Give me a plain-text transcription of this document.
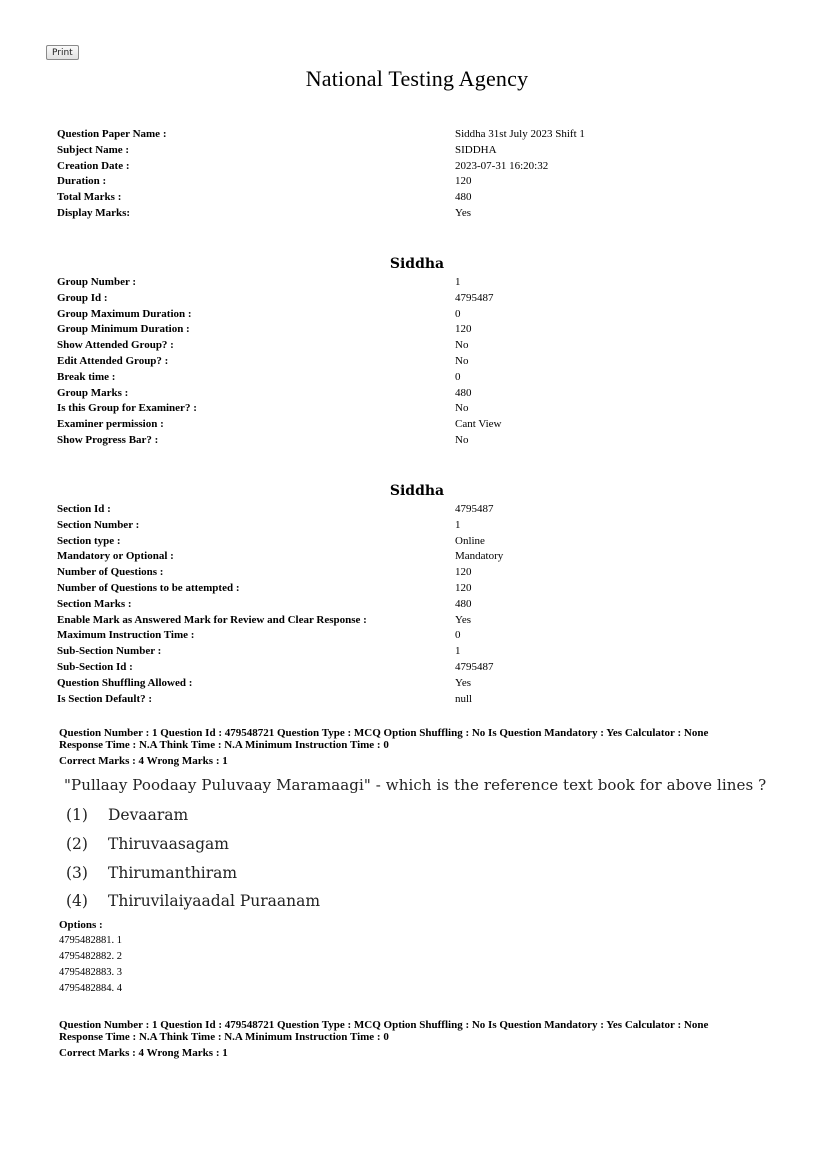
Print
National Testing Agency
Question Paper Name :	Siddha 31st July 2023 Shift 1
Subject Name :	SIDDHA
Creation Date :	2023-07-31 16:20:32
Duration :	120
Total Marks :	480
Display Marks:	Yes
Siddha
Group Number :	1
Group Id :	4795487
Group Maximum Duration :	0
Group Minimum Duration :	120
Show Attended Group? :	No
Edit Attended Group? :	No
Break time :	0
Group Marks :	480
Is this Group for Examiner? :	No
Examiner permission :	Cant View
Show Progress Bar? :	No
Siddha
Section Id :	4795487
Section Number :	1
Section type :	Online
Mandatory or Optional :	Mandatory
Number of Questions :	120
Number of Questions to be attempted :	120
Section Marks :	480
Enable Mark as Answered Mark for Review and Clear Response :	Yes
Maximum Instruction Time :	0
Sub-Section Number :	1
Sub-Section Id :	4795487
Question Shuffling Allowed :	Yes
Is Section Default? :	null
Question Number : 1 Question Id : 479548721 Question Type : MCQ Option Shuffling : No Is Question Mandatory : Yes Calculator : None
Response Time : N.A Think Time : N.A Minimum Instruction Time : 0
Correct Marks : 4 Wrong Marks : 1
"Pullaay Poodaay Puluvaay Maramaagi" - which is the reference text book for above lines ?
(1) Devaaram
(2) Thiruvaasagam
(3) Thirumanthiram
(4) Thiruvilaiyaadal Puraanam
Options :
4795482881. 1
4795482882. 2
4795482883. 3
4795482884. 4
Question Number : 1 Question Id : 479548721 Question Type : MCQ Option Shuffling : No Is Question Mandatory : Yes Calculator : None
Response Time : N.A Think Time : N.A Minimum Instruction Time : 0
Correct Marks : 4 Wrong Marks : 1
